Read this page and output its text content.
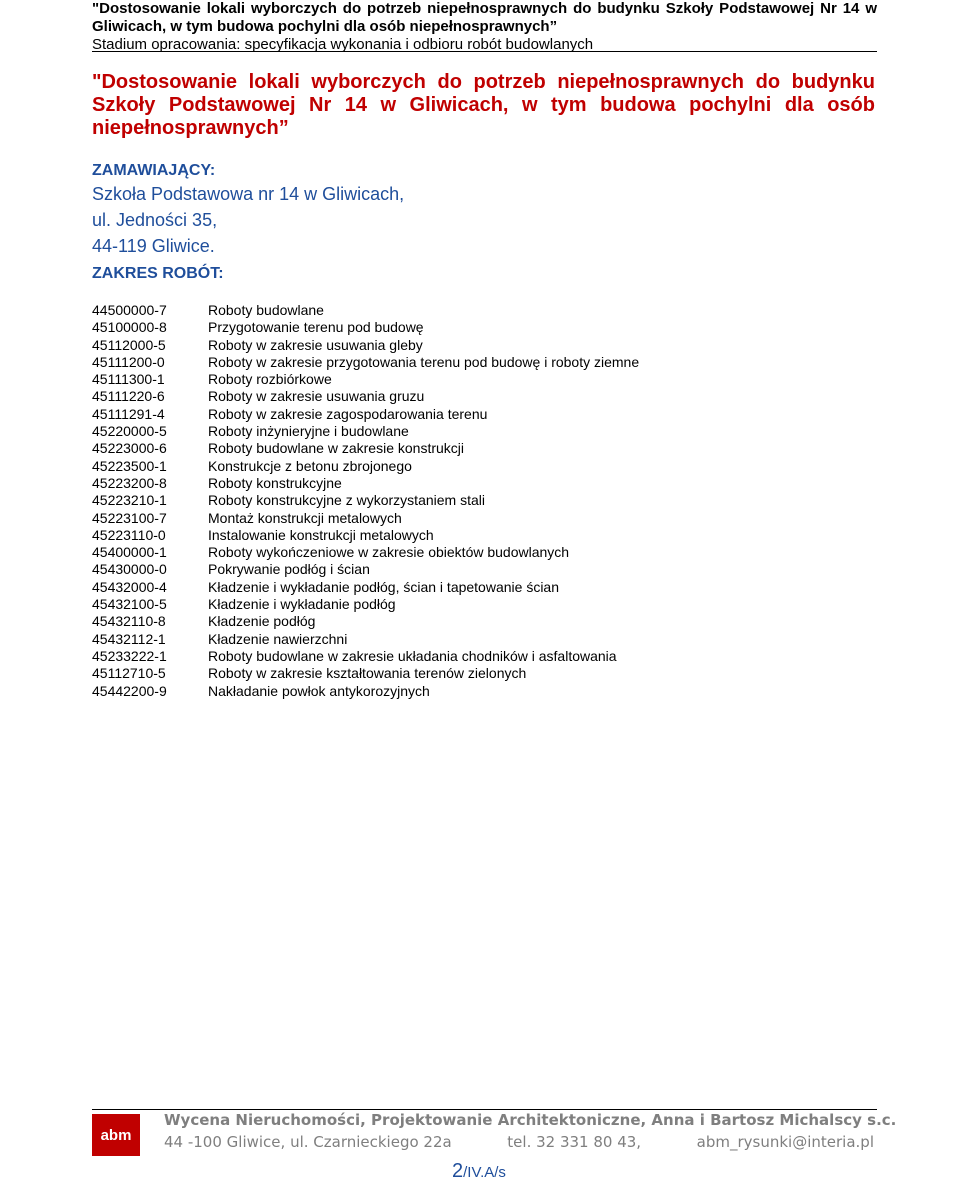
"Dostosowanie lokali wyborczych do potrzeb niepełnosprawnych do budynku Szkoły Podstawowej Nr 14 w
Gliwicach, w tym budowa pochylni dla osób niepełnosprawnych”
Stadium opracowania: specyfikacja wykonania i odbioru robót budowlanych
"Dostosowanie lokali wyborczych do potrzeb niepełnosprawnych do budynku
Szkoły Podstawowej Nr 14 w Gliwicach, w tym budowa pochylni dla osób
niepełnosprawnych”
ZAMAWIAJĄCY:
Szkoła Podstawowa nr 14 w Gliwicach,
ul. Jedności 35,
44-119 Gliwice.
ZAKRES ROBÓT:
44500000-7	Roboty budowlane
45100000-8	Przygotowanie terenu pod budowę
45112000-5	Roboty w zakresie usuwania gleby
45111200-0	Roboty w zakresie przygotowania terenu pod budowę i roboty ziemne
45111300-1	Roboty rozbiórkowe
45111220-6	Roboty w zakresie usuwania gruzu
45111291-4	Roboty w zakresie zagospodarowania terenu
45220000-5	Roboty inżynieryjne i budowlane
45223000-6	Roboty budowlane w zakresie konstrukcji
45223500-1	Konstrukcje z betonu zbrojonego
45223200-8	Roboty konstrukcyjne
45223210-1	Roboty konstrukcyjne z wykorzystaniem stali
45223100-7	Montaż konstrukcji metalowych
45223110-0	Instalowanie konstrukcji metalowych
45400000-1	Roboty wykończeniowe w zakresie obiektów budowlanych
45430000-0	Pokrywanie podłóg i ścian
45432000-4	Kładzenie i wykładanie podłóg, ścian i tapetowanie ścian
45432100-5	Kładzenie i wykładanie podłóg
45432110-8	Kładzenie podłóg
45432112-1	Kładzenie nawierzchni
45233222-1	Roboty budowlane w zakresie układania chodników i asfaltowania
45112710-5	Roboty w zakresie kształtowania terenów zielonych
45442200-9	Nakładanie powłok antykorozyjnych
abm
Wycena Nieruchomości, Projektowanie Architektoniczne, Anna i Bartosz Michalscy s.c.
44 -100 Gliwice, ul. Czarnieckiego 22a	tel. 32 331 80 43,	abm_rysunki@interia.pl
2/IV.A/s
